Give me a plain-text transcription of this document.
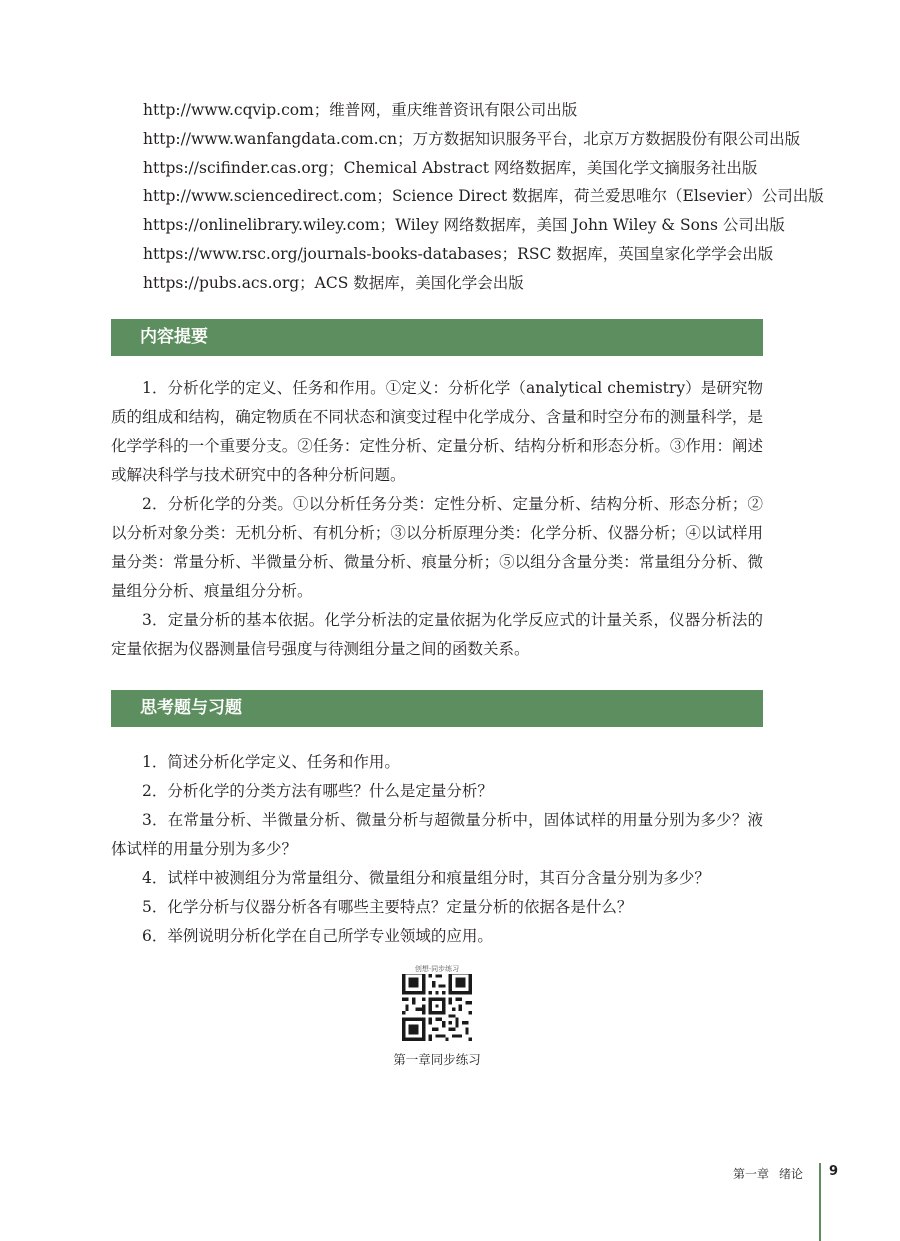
http://www.cqvip.com；维普网，重庆维普资讯有限公司出版
http://www.wanfangdata.com.cn；万方数据知识服务平台，北京万方数据股份有限公司出版
https://scifinder.cas.org；Chemical Abstract 网络数据库，美国化学文摘服务社出版
http://www.sciencedirect.com；Science Direct 数据库，荷兰爱思唯尔（Elsevier）公司出版
https://onlinelibrary.wiley.com；Wiley 网络数据库，美国 John Wiley & Sons 公司出版
https://www.rsc.org/journals-books-databases；RSC 数据库，英国皇家化学学会出版
https://pubs.acs.org；ACS 数据库，美国化学会出版
内容提要

1．分析化学的定义、任务和作用。①定义：分析化学（analytical chemistry）是研究物质的组成和结构，确定物质在不同状态和演变过程中化学成分、含量和时空分布的测量科学，是化学学科的一个重要分支。②任务：定性分析、定量分析、结构分析和形态分析。③作用：阐述或解决科学与技术研究中的各种分析问题。

2．分析化学的分类。①以分析任务分类：定性分析、定量分析、结构分析、形态分析；②以分析对象分类：无机分析、有机分析；③以分析原理分类：化学分析、仪器分析；④以试样用量分类：常量分析、半微量分析、微量分析、痕量分析；⑤以组分含量分类：常量组分分析、微量组分分析、痕量组分分析。

3．定量分析的基本依据。化学分析法的定量依据为化学反应式的计量关系，仪器分析法的定量依据为仪器测量信号强度与待测组分量之间的函数关系。

思考题与习题

1．简述分析化学定义、任务和作用。

2．分析化学的分类方法有哪些？什么是定量分析？

3．在常量分析、半微量分析、微量分析与超微量分析中，固体试样的用量分别为多少？液体试样的用量分别为多少？

4．试样中被测组分为常量组分、微量组分和痕量组分时，其百分含量分别为多少？

5．化学分析与仪器分析各有哪些主要特点？定量分析的依据各是什么？

6．举例说明分析化学在自己所学专业领域的应用。

创想·同步练习
第一章同步练习
第一章 绪论	9
